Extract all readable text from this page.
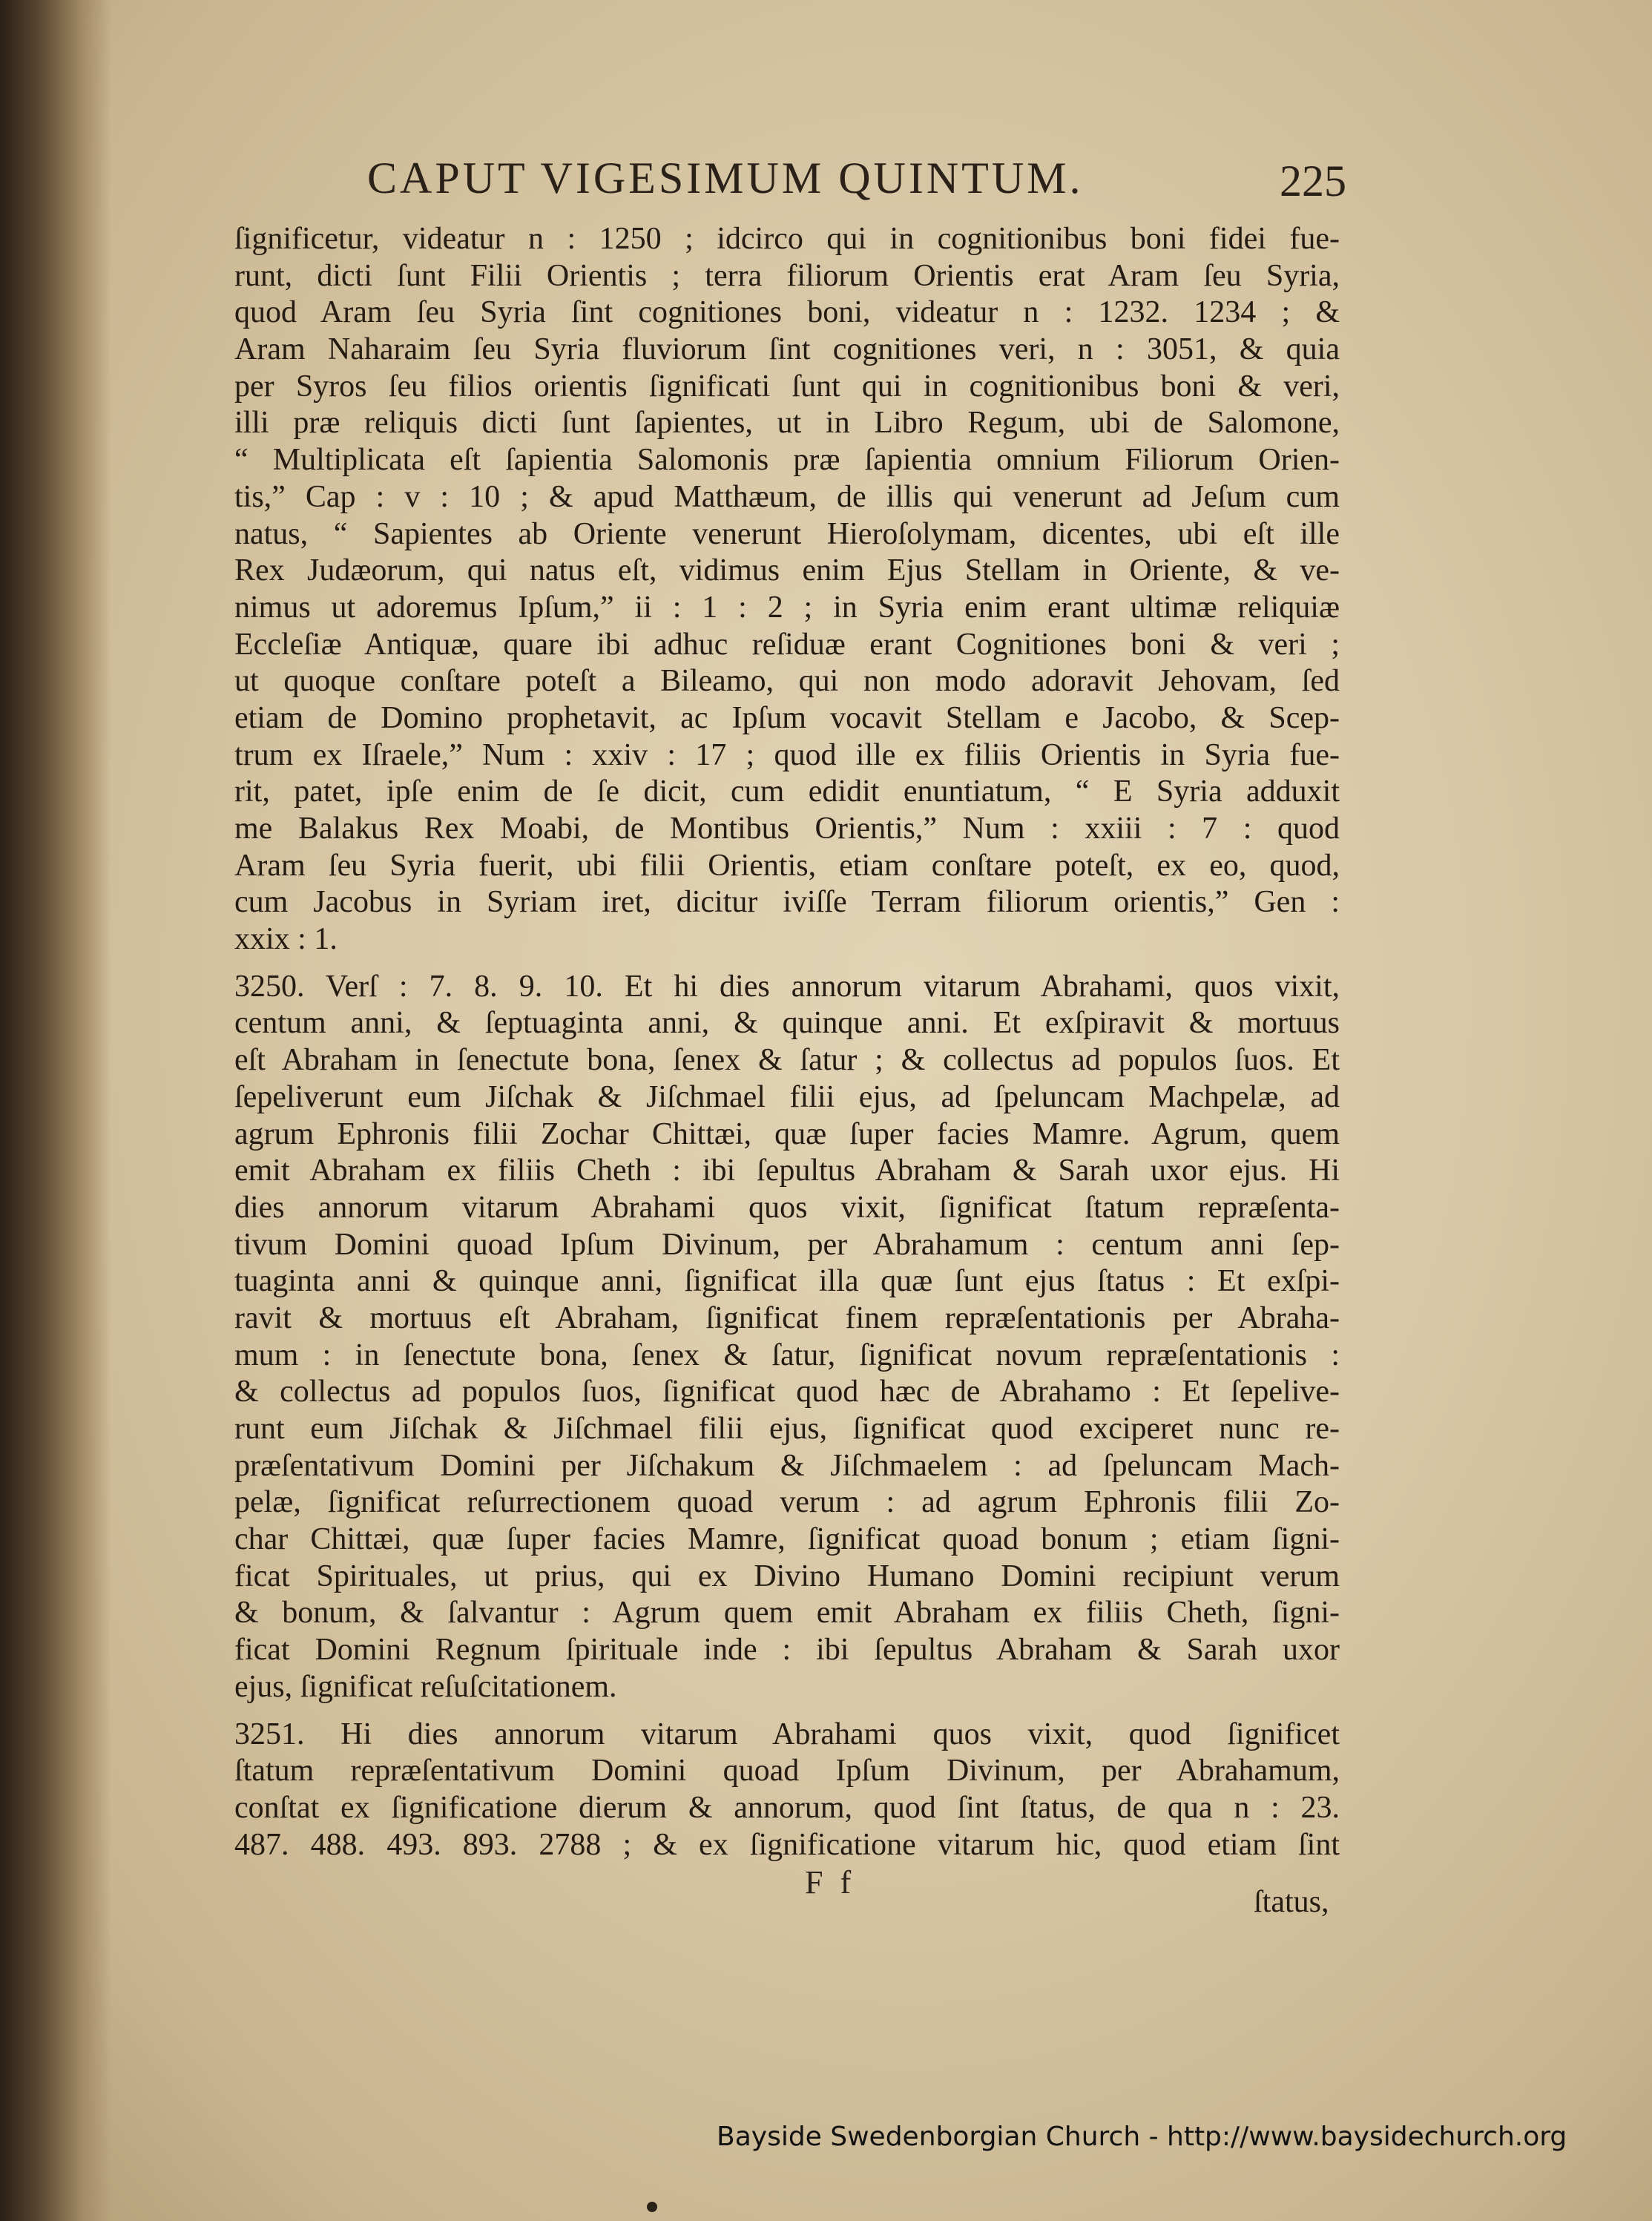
CAPUT VIGESIMUM QUINTUM.	225
ſignificetur, videatur n : 1250 ; idcirco qui in cognitionibus boni fidei fue-
runt, dicti ſunt Filii Orientis ; terra filiorum Orientis erat Aram ſeu Syria,
quod Aram ſeu Syria ſint cognitiones boni, videatur n : 1232. 1234 ; &
Aram Naharaim ſeu Syria fluviorum ſint cognitiones veri, n : 3051, & quia
per Syros ſeu filios orientis ſignificati ſunt qui in cognitionibus boni & veri,
illi præ reliquis dicti ſunt ſapientes, ut in Libro Regum, ubi de Salomone,
“ Multiplicata eſt ſapientia Salomonis præ ſapientia omnium Filiorum Orien-
tis,” Cap : v : 10 ; & apud Matthæum, de illis qui venerunt ad Jeſum cum
natus, “ Sapientes ab Oriente venerunt Hieroſolymam, dicentes, ubi eſt ille
Rex Judæorum, qui natus eſt, vidimus enim Ejus Stellam in Oriente, & ve-
nimus ut adoremus Ipſum,” ii : 1 : 2 ; in Syria enim erant ultimæ reliquiæ
Eccleſiæ Antiquæ, quare ibi adhuc reſiduæ erant Cognitiones boni & veri ;
ut quoque conſtare poteſt a Bileamo, qui non modo adoravit Jehovam, ſed
etiam de Domino prophetavit, ac Ipſum vocavit Stellam e Jacobo, & Scep-
trum ex Iſraele,” Num : xxiv : 17 ; quod ille ex filiis Orientis in Syria fue-
rit, patet, ipſe enim de ſe dicit, cum edidit enuntiatum, “ E Syria adduxit
me Balakus Rex Moabi, de Montibus Orientis,” Num : xxiii : 7 : quod
Aram ſeu Syria fuerit, ubi filii Orientis, etiam conſtare poteſt, ex eo, quod,
cum Jacobus in Syriam iret, dicitur iviſſe Terram filiorum orientis,” Gen :
xxix : 1.
3250. Verſ : 7. 8. 9. 10. Et hi dies annorum vitarum Abrahami, quos vixit,
centum anni, & ſeptuaginta anni, & quinque anni. Et exſpiravit & mortuus
eſt Abraham in ſenectute bona, ſenex & ſatur ; & collectus ad populos ſuos. Et
ſepeliverunt eum Jiſchak & Jiſchmael filii ejus, ad ſpeluncam Machpelæ, ad
agrum Ephronis filii Zochar Chittæi, quæ ſuper facies Mamre. Agrum, quem
emit Abraham ex filiis Cheth : ibi ſepultus Abraham & Sarah uxor ejus. Hi
dies annorum vitarum Abrahami quos vixit, ſignificat ſtatum repræſenta-
tivum Domini quoad Ipſum Divinum, per Abrahamum : centum anni ſep-
tuaginta anni & quinque anni, ſignificat illa quæ ſunt ejus ſtatus : Et exſpi-
ravit & mortuus eſt Abraham, ſignificat finem repræſentationis per Abraha-
mum : in ſenectute bona, ſenex & ſatur, ſignificat novum repræſentationis :
& collectus ad populos ſuos, ſignificat quod hæc de Abrahamo : Et ſepelive-
runt eum Jiſchak & Jiſchmael filii ejus, ſignificat quod exciperet nunc re-
præſentativum Domini per Jiſchakum & Jiſchmaelem : ad ſpeluncam Mach-
pelæ, ſignificat reſurrectionem quoad verum : ad agrum Ephronis filii Zo-
char Chittæi, quæ ſuper facies Mamre, ſignificat quoad bonum ; etiam ſigni-
ficat Spirituales, ut prius, qui ex Divino Humano Domini recipiunt verum
& bonum, & ſalvantur : Agrum quem emit Abraham ex filiis Cheth, ſigni-
ficat Domini Regnum ſpirituale inde : ibi ſepultus Abraham & Sarah uxor
ejus, ſignificat reſuſcitationem.
3251. Hi dies annorum vitarum Abrahami quos vixit, quod ſignificet
ſtatum repræſentativum Domini quoad Ipſum Divinum, per Abrahamum,
conſtat ex ſignificatione dierum & annorum, quod ſint ſtatus, de qua n : 23.
487. 488. 493. 893. 2788 ; & ex ſignificatione vitarum hic, quod etiam ſint
F f
ſtatus,
Bayside Swedenborgian Church - http://www.baysidechurch.org
